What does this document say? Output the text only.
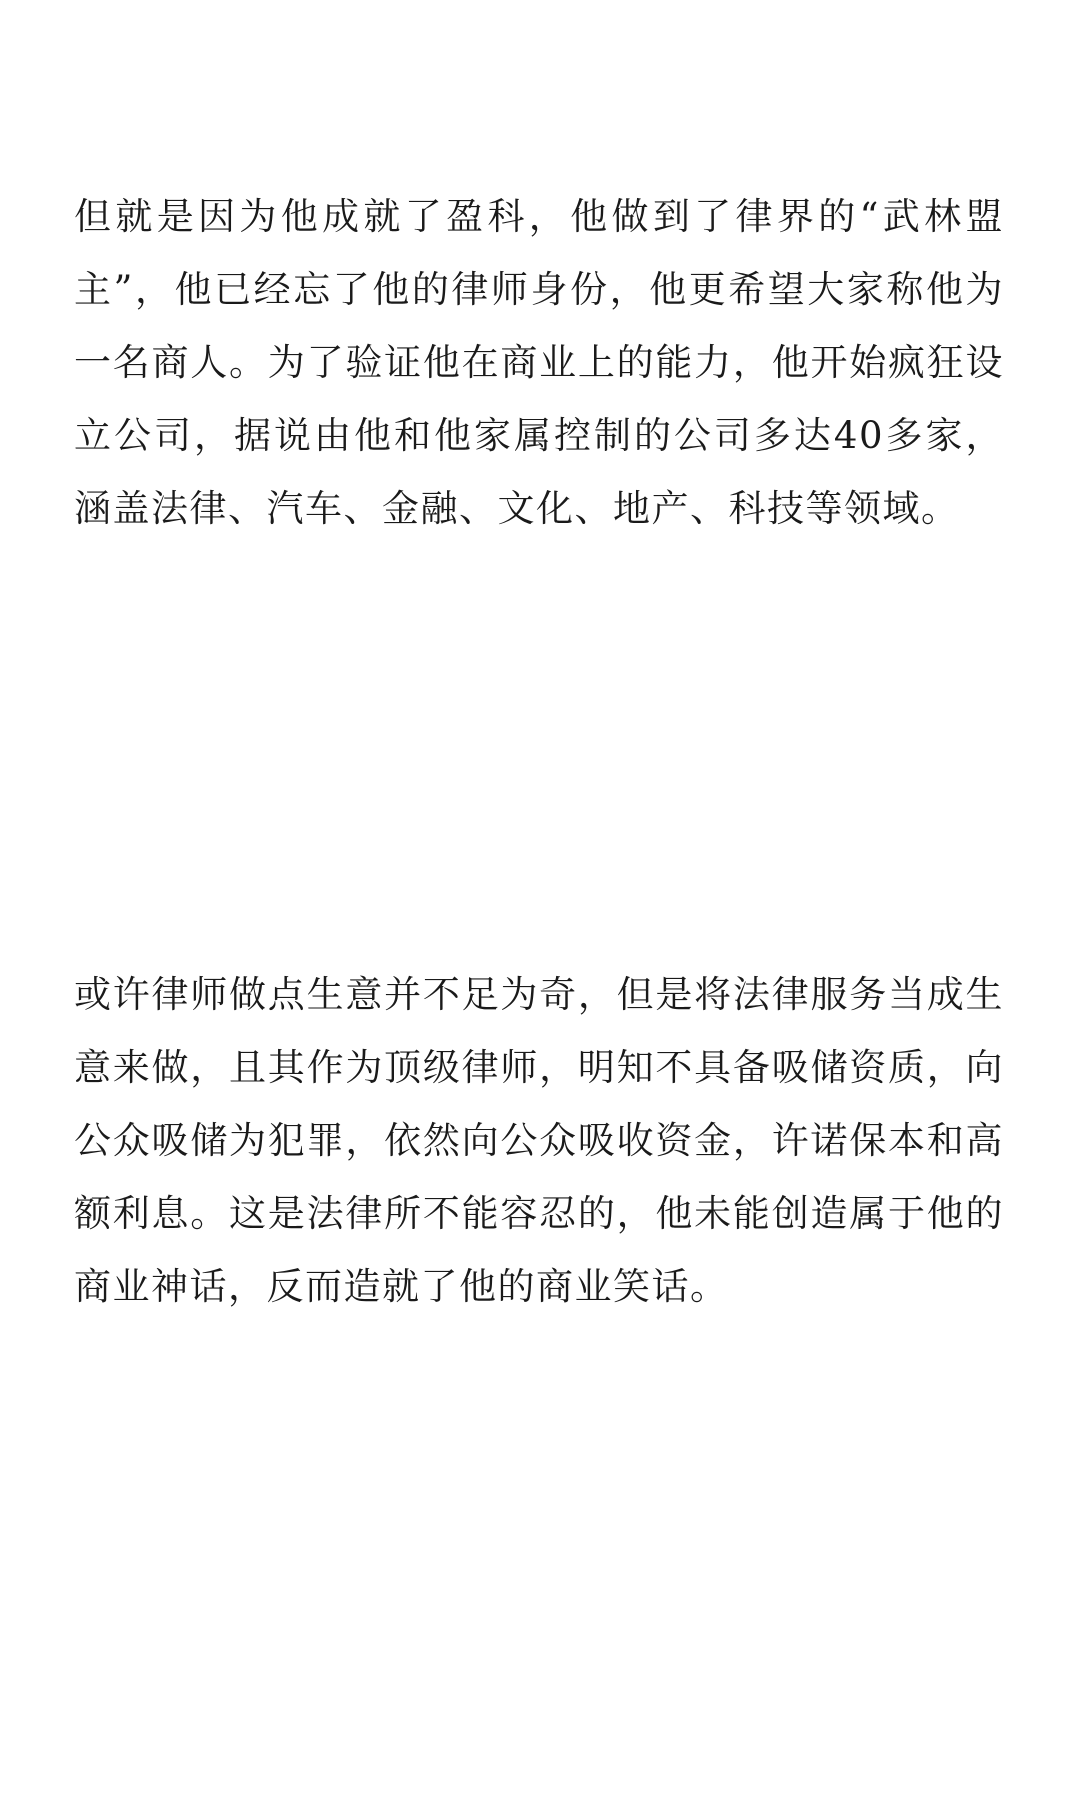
但就是因为他成就了盈科，他做到了律界的“武林盟主”，他已经忘了他的律师身份，他更希望大家称他为一名商人。为了验证他在商业上的能力，他开始疯狂设立公司，据说由他和他家属控制的公司多达40多家，涵盖法律、汽车、金融、文化、地产、科技等领域。

或许律师做点生意并不足为奇，但是将法律服务当成生意来做，且其作为顶级律师，明知不具备吸储资质，向公众吸储为犯罪，依然向公众吸收资金，许诺保本和高额利息。这是法律所不能容忍的，他未能创造属于他的商业神话，反而造就了他的商业笑话。
